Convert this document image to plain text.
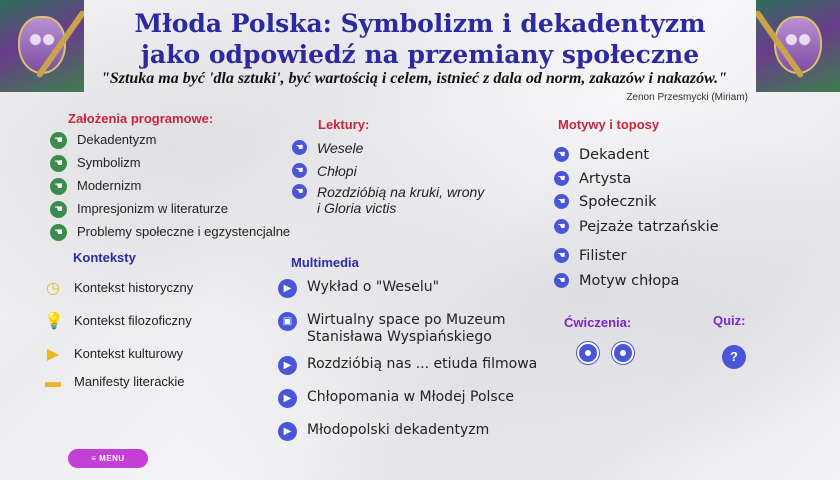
Młoda Polska: Symbolizm i dekadentyzm
jako odpowiedź na przemiany społeczne
"Sztuka ma być 'dla sztuki', być wartością i celem, istnieć z dala od norm, zakazów i nakazów."
Zenon Przesmycki (Miriam)
Założenia programowe:
☚	Dekadentyzm
☚	Symbolizm
☚	Modernizm
☚	Impresjonizm w literaturze
☚	Problemy społeczne i egzystencjalne
Konteksty
◷ Kontekst historyczny
💡 Kontekst filozoficzny
▶ Kontekst kulturowy
▬ Manifesty literackie
Lektury:
☚ Wesele
☚ Chłopi
☚ Rozdzióbią na kruki, wrony
i Gloria victis
Multimedia
▶	Wykład o "Weselu"
▣	Wirtualny space po Muzeum
Stanisława Wyspiańskiego
▶	Rozdzióbią nas ... etiuda filmowa
▶	Chłopomania w Młodej Polsce
▶	Młodopolski dekadentyzm
Motywy i toposy
☚ Dekadent
☚ Artysta
☚ Społecznik
☚ Pejzaże tatrzańskie
☚ Filister
☚ Motyw chłopa
Ćwiczenia:	Quiz:
?
≡ MENU
